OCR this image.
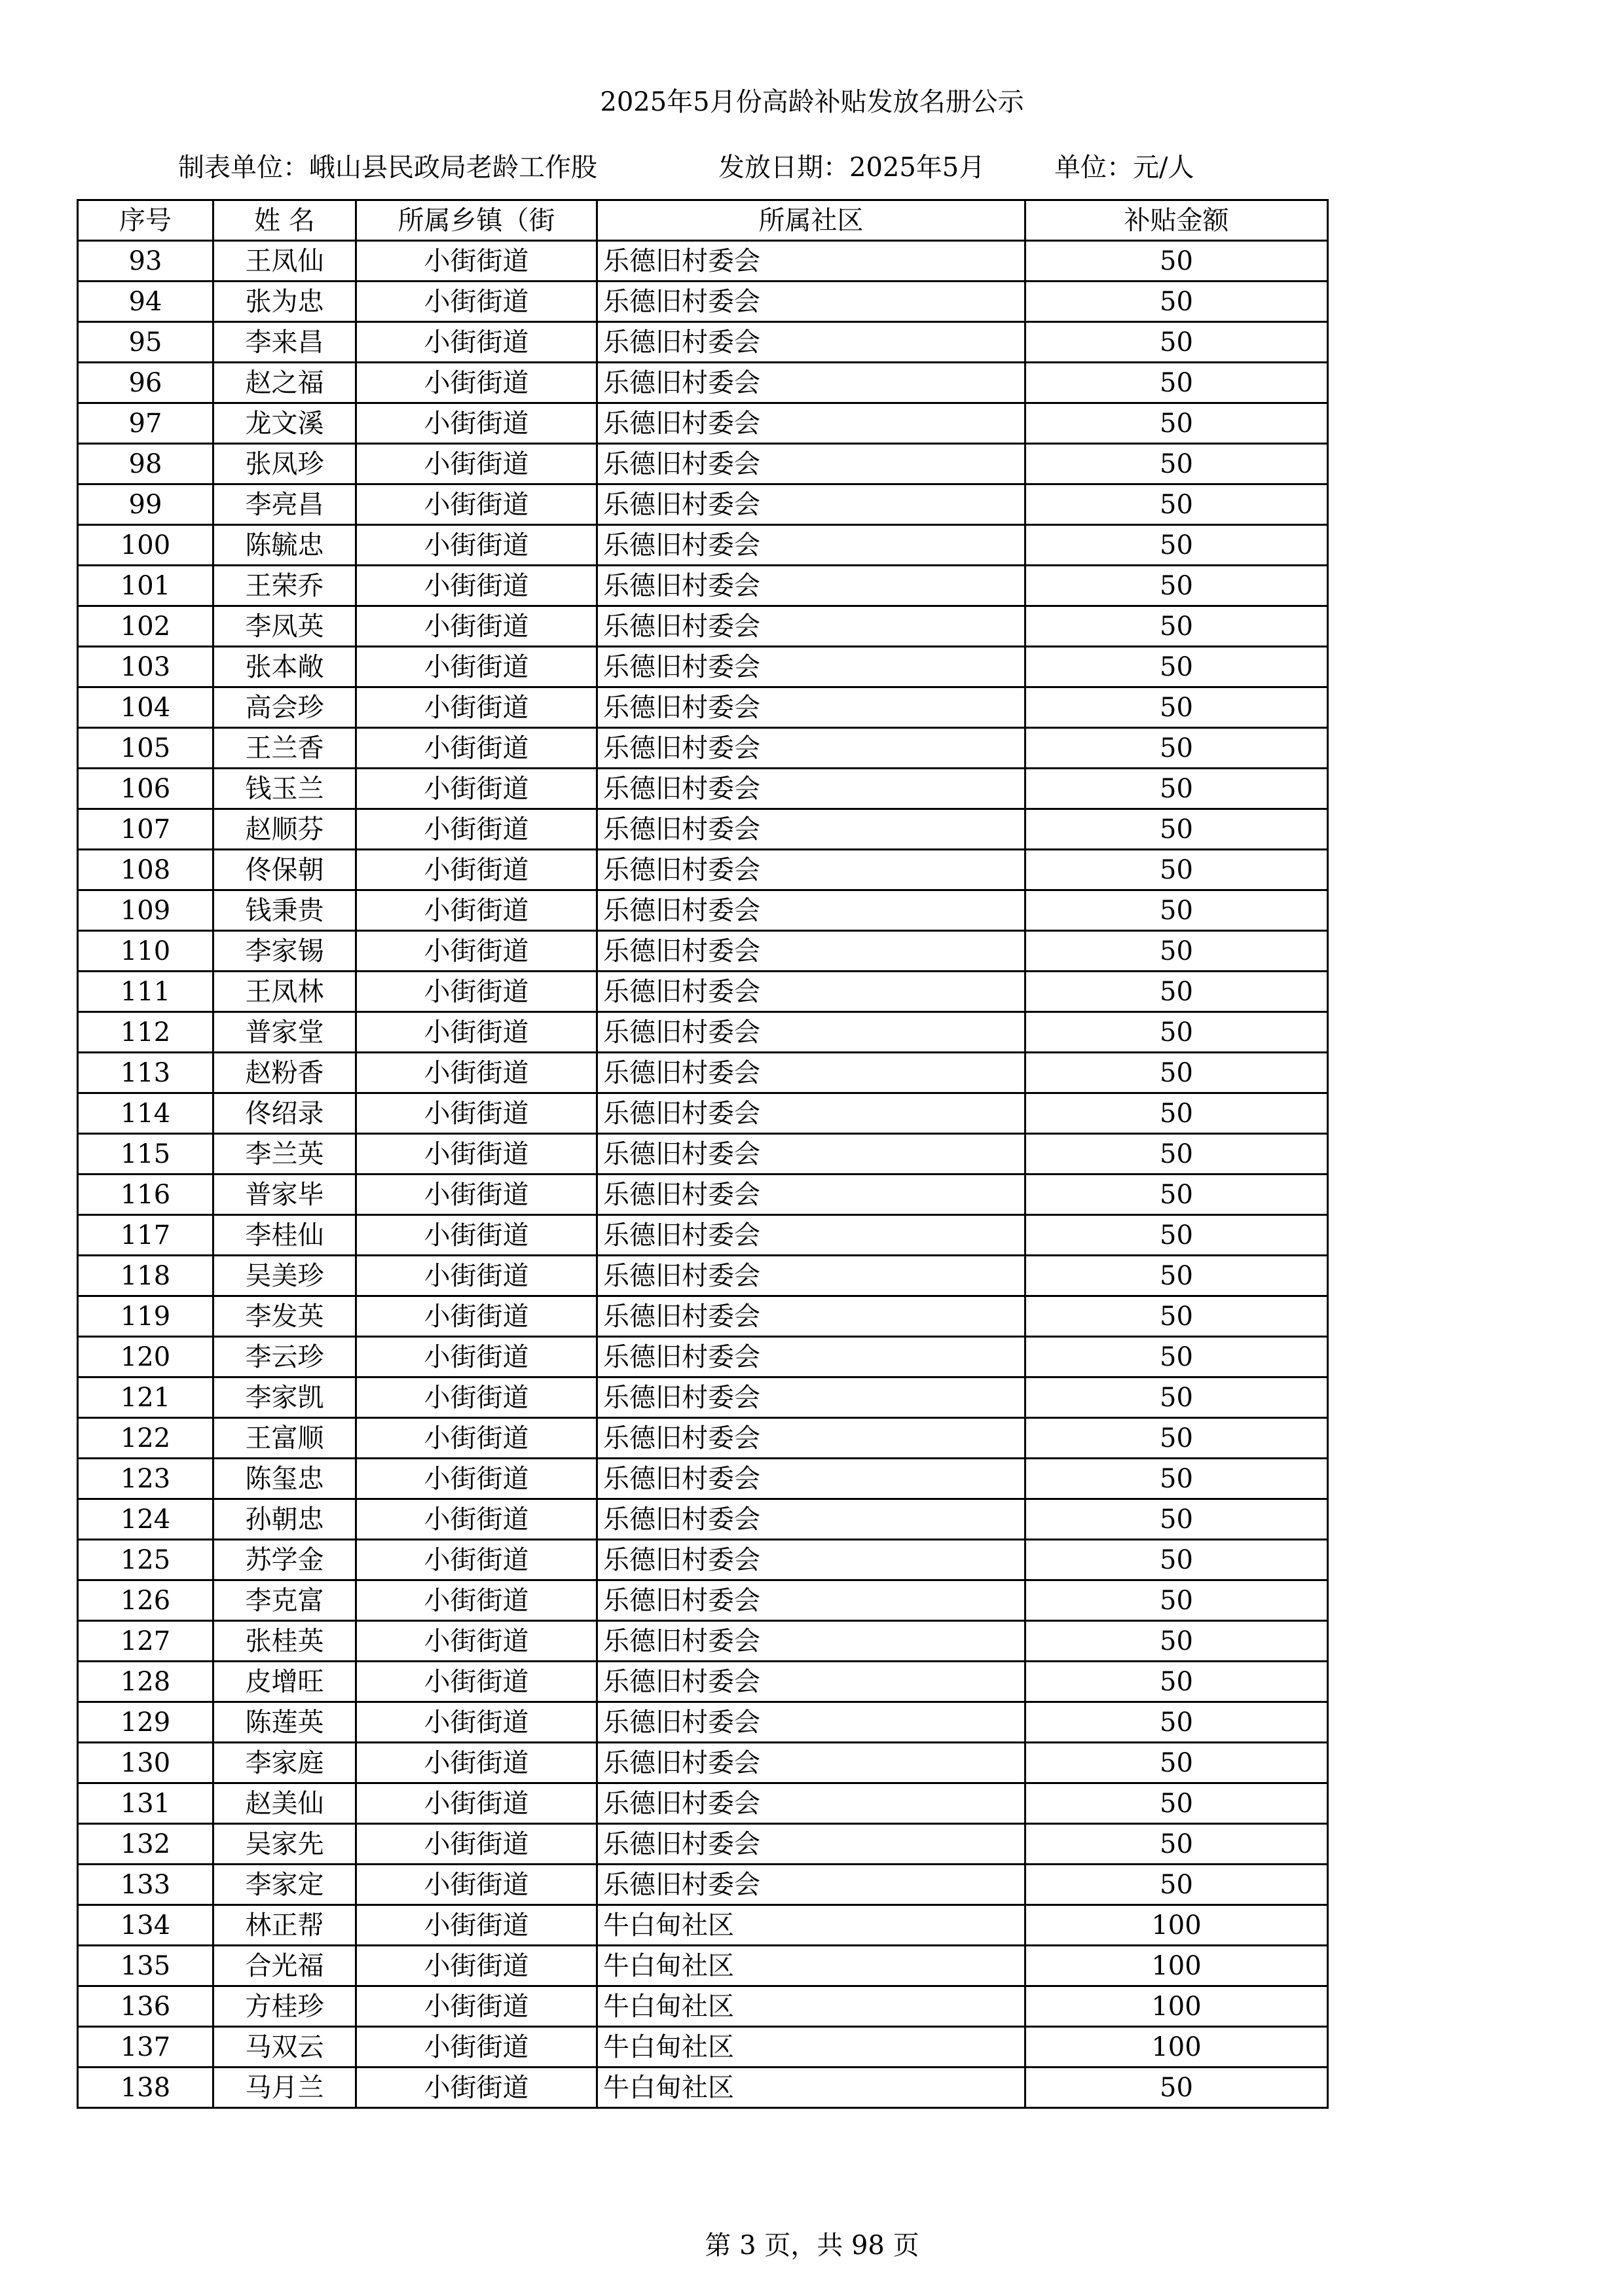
2025年5月份高龄补贴发放名册公示
制表单位：峨山县民政局老龄工作股	发放日期：2025年5月	单位：元/人
序号	姓 名	所属乡镇（街	所属社区	补贴金额
93	王凤仙	小街街道	乐德旧村委会	50
94	张为忠	小街街道	乐德旧村委会	50
95	李来昌	小街街道	乐德旧村委会	50
96	赵之福	小街街道	乐德旧村委会	50
97	龙文溪	小街街道	乐德旧村委会	50
98	张凤珍	小街街道	乐德旧村委会	50
99	李亮昌	小街街道	乐德旧村委会	50
100	陈毓忠	小街街道	乐德旧村委会	50
101	王荣乔	小街街道	乐德旧村委会	50
102	李凤英	小街街道	乐德旧村委会	50
103	张本敞	小街街道	乐德旧村委会	50
104	高会珍	小街街道	乐德旧村委会	50
105	王兰香	小街街道	乐德旧村委会	50
106	钱玉兰	小街街道	乐德旧村委会	50
107	赵顺芬	小街街道	乐德旧村委会	50
108	佟保朝	小街街道	乐德旧村委会	50
109	钱秉贵	小街街道	乐德旧村委会	50
110	李家锡	小街街道	乐德旧村委会	50
111	王凤林	小街街道	乐德旧村委会	50
112	普家堂	小街街道	乐德旧村委会	50
113	赵粉香	小街街道	乐德旧村委会	50
114	佟绍录	小街街道	乐德旧村委会	50
115	李兰英	小街街道	乐德旧村委会	50
116	普家毕	小街街道	乐德旧村委会	50
117	李桂仙	小街街道	乐德旧村委会	50
118	吴美珍	小街街道	乐德旧村委会	50
119	李发英	小街街道	乐德旧村委会	50
120	李云珍	小街街道	乐德旧村委会	50
121	李家凯	小街街道	乐德旧村委会	50
122	王富顺	小街街道	乐德旧村委会	50
123	陈玺忠	小街街道	乐德旧村委会	50
124	孙朝忠	小街街道	乐德旧村委会	50
125	苏学金	小街街道	乐德旧村委会	50
126	李克富	小街街道	乐德旧村委会	50
127	张桂英	小街街道	乐德旧村委会	50
128	皮增旺	小街街道	乐德旧村委会	50
129	陈莲英	小街街道	乐德旧村委会	50
130	李家庭	小街街道	乐德旧村委会	50
131	赵美仙	小街街道	乐德旧村委会	50
132	吴家先	小街街道	乐德旧村委会	50
133	李家定	小街街道	乐德旧村委会	50
134	林正帮	小街街道	牛白甸社区	100
135	合光福	小街街道	牛白甸社区	100
136	方桂珍	小街街道	牛白甸社区	100
137	马双云	小街街道	牛白甸社区	100
138	马月兰	小街街道	牛白甸社区	50
第 3 页，共 98 页
